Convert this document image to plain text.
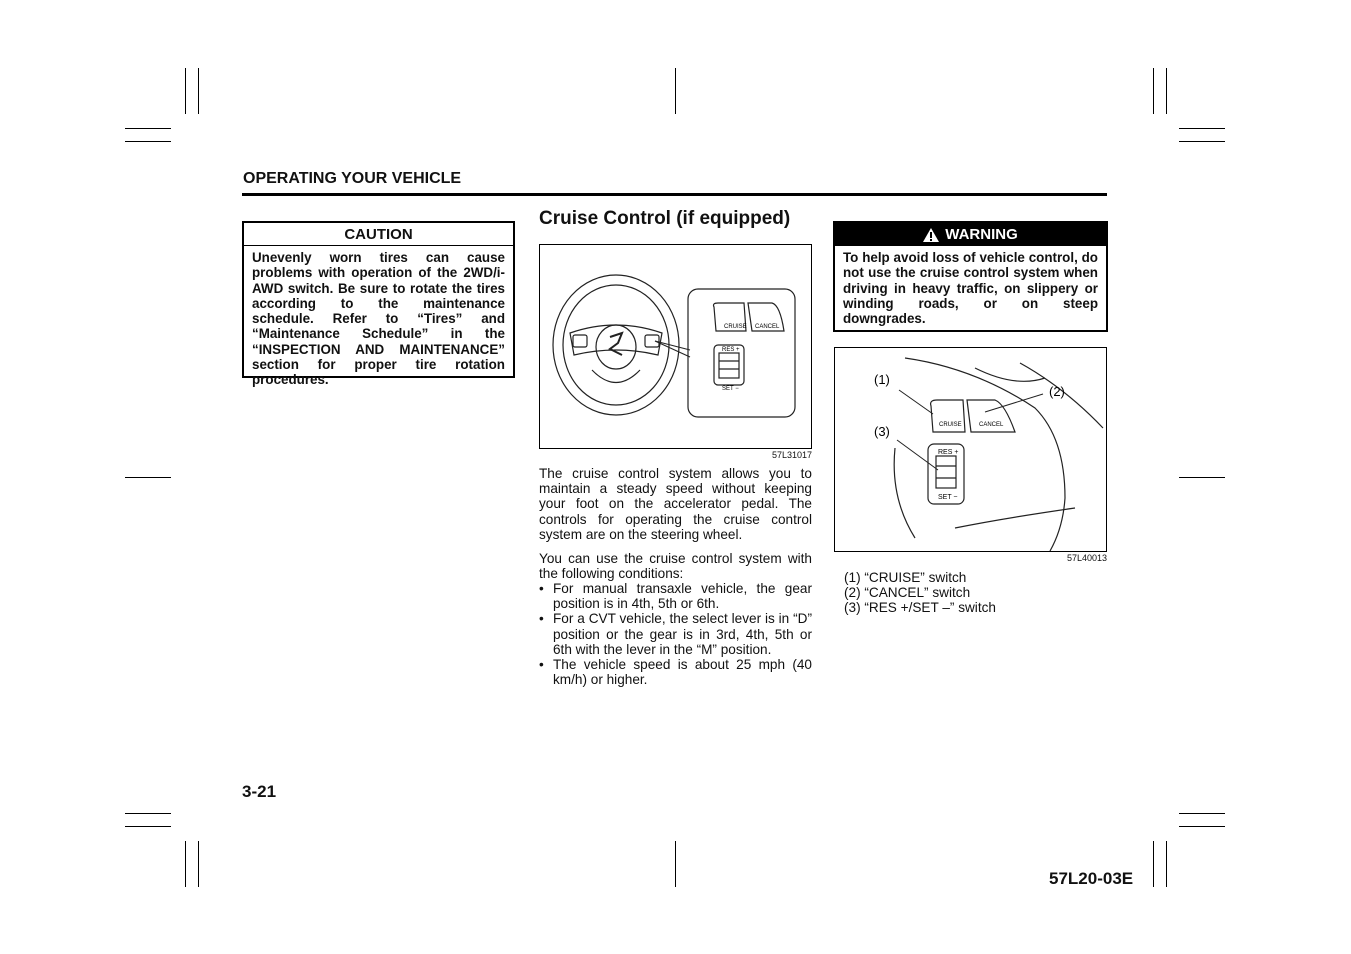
OPERATING YOUR VEHICLE
CAUTION
Unevenly worn tires can cause problems with operation of the 2WD/i-AWD switch. Be sure to rotate the tires according to the maintenance schedule. Refer to “Tires” and “Maintenance Schedule” in the “INSPECTION AND MAINTENANCE” section for proper tire rotation procedures.
Cruise Control (if equipped)
CRUISE CANCEL
RES +
SET −
57L31017
The cruise control system allows you to maintain a steady speed without keeping your foot on the accelerator pedal. The controls for operating the cruise control system are on the steering wheel.
You can use the cruise control system with the following conditions:
• For manual transaxle vehicle, the gear position is in 4th, 5th or 6th.
• For a CVT vehicle, the select lever is in “D” position or the gear is in 3rd, 4th, 5th or 6th with the lever in the “M” position.
• The vehicle speed is about 25 mph (40 km/h) or higher.
WARNING
To help avoid loss of vehicle control, do not use the cruise control system when driving in heavy traffic, on slippery or winding roads, or on steep downgrades.
(1)
(2)
(3)	CRUISE	CANCEL
RES +
SET −
57L40013
(1) “CRUISE” switch
(2) “CANCEL” switch
(3) “RES +/SET –” switch
3-21
57L20-03E
